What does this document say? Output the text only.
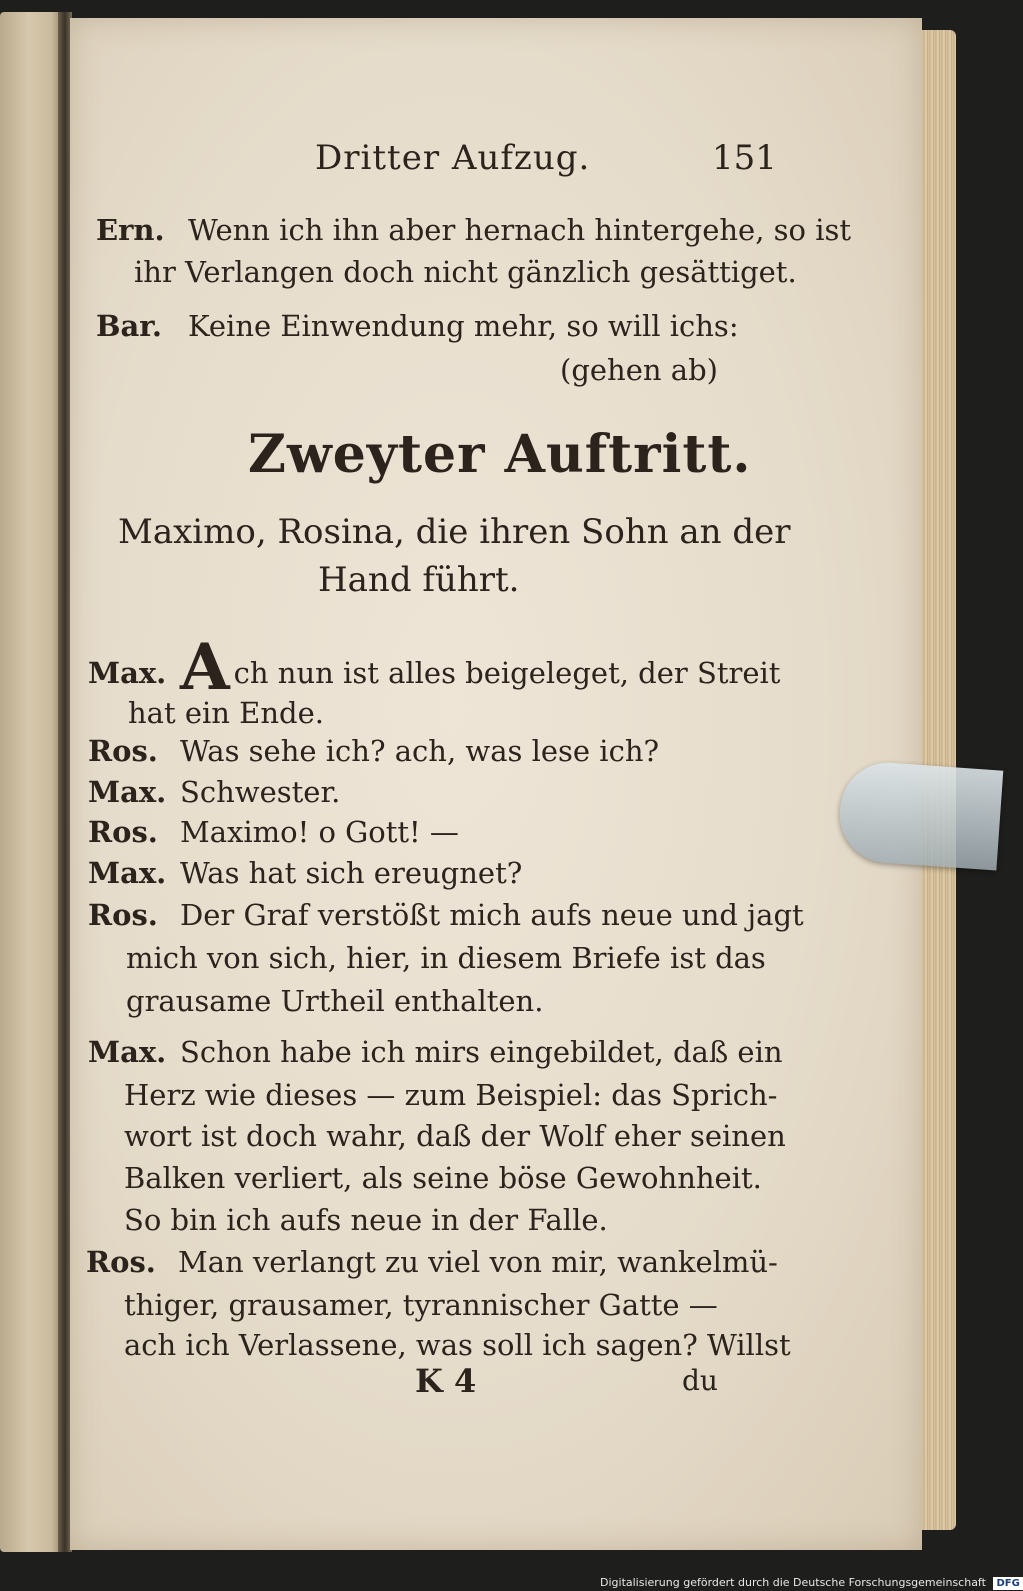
Dritter Aufzug.	151
Ern. Wenn ich ihn aber hernach hintergehe, so ist
ihr Verlangen doch nicht gänzlich gesättiget.
Bar. Keine Einwendung mehr, so will ichs:
(gehen ab)
Zweyter Auftritt.
Maximo, Rosina, die ihren Sohn an der
Hand führt.
Max. A ch nun ist alles beigeleget, der Streit
hat ein Ende.
Ros. Was sehe ich? ach, was lese ich?
Max. Schwester.
Ros. Maximo! o Gott! —
Max. Was hat sich ereugnet?
Ros. Der Graf verstößt mich aufs neue und jagt
mich von sich, hier, in diesem Briefe ist das
grausame Urtheil enthalten.
Max. Schon habe ich mirs eingebildet, daß ein
Herz wie dieses — zum Beispiel: das Sprich-
wort ist doch wahr, daß der Wolf eher seinen
Balken verliert, als seine böse Gewohnheit.
So bin ich aufs neue in der Falle.
Ros. Man verlangt zu viel von mir, wankelmü-
thiger, grausamer, tyrannischer Gatte —
ach ich Verlassene, was soll ich sagen? Willst
K 4	du
Digitalisierung gefördert durch die Deutsche Forschungsgemeinschaft DFG
